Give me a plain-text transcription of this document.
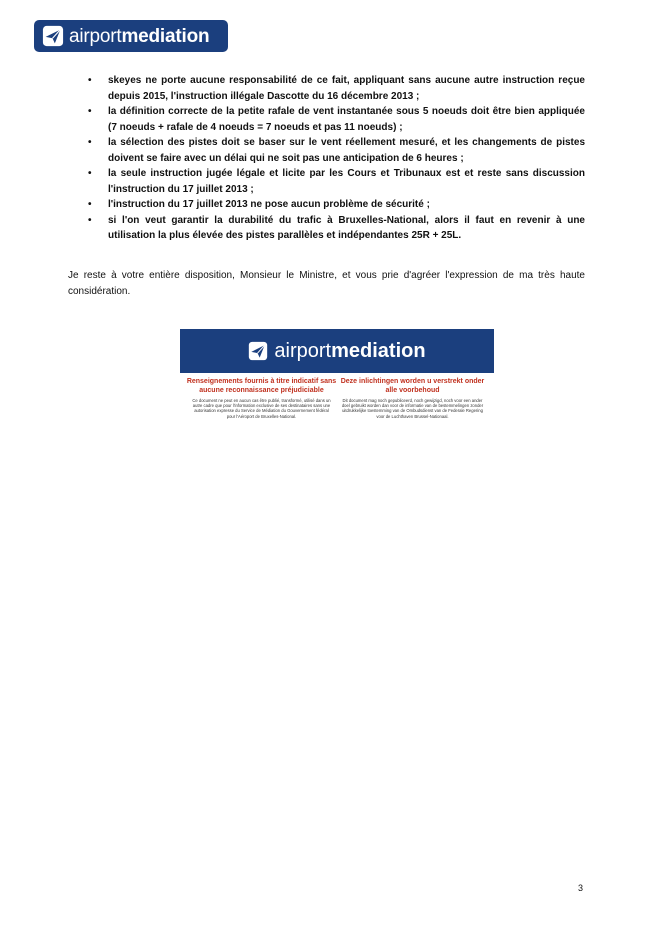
airportmediation
• skeyes ne porte aucune responsabilité de ce fait, appliquant sans aucune autre instruction reçue depuis 2015, l'instruction illégale Dascotte du 16 décembre 2013 ;
• la définition correcte de la petite rafale de vent instantanée sous 5 noeuds doit être bien appliquée (7 noeuds + rafale de 4 noeuds = 7 noeuds et pas 11 noeuds) ;
• la sélection des pistes doit se baser sur le vent réellement mesuré, et les changements de pistes doivent se faire avec un délai qui ne soit pas une anticipation de 6 heures ;
• la seule instruction jugée légale et licite par les Cours et Tribunaux est et reste sans discussion l'instruction du 17 juillet 2013 ;
• l'instruction du 17 juillet 2013 ne pose aucun problème de sécurité ;
• si l'on veut garantir la durabilité du trafic à Bruxelles-National, alors il faut en revenir à une utilisation la plus élevée des pistes parallèles et indépendantes 25R + 25L.

Je reste à votre entière disposition, Monsieur le Ministre, et vous prie d'agréer l'expression de ma très haute considération.

airportmediation
Renseignements fournis à titre indicatif sans aucune reconnaissance préjudiciable

Ce document ne peut en aucun cas être publié, transformé, utilisé dans un autre cadre que pour l'information exclusive de ses destinataires sans une autorisation expresse du Service de Médiation du Gouvernement fédéral pour l'Aéroport de Bruxelles-National.

Deze inlichtingen worden u verstrekt onder alle voorbehoud

Dit document mag noch gepubliceerd, noch gewijzigd, noch voor een ander doel gebruikt worden dan voor de informatie van de bestemmelingen zonder uitdrukkelijke toestemming van de Ombudsdienst van de Federale Regering voor de Luchthaven Brussel-Nationaal.

3
